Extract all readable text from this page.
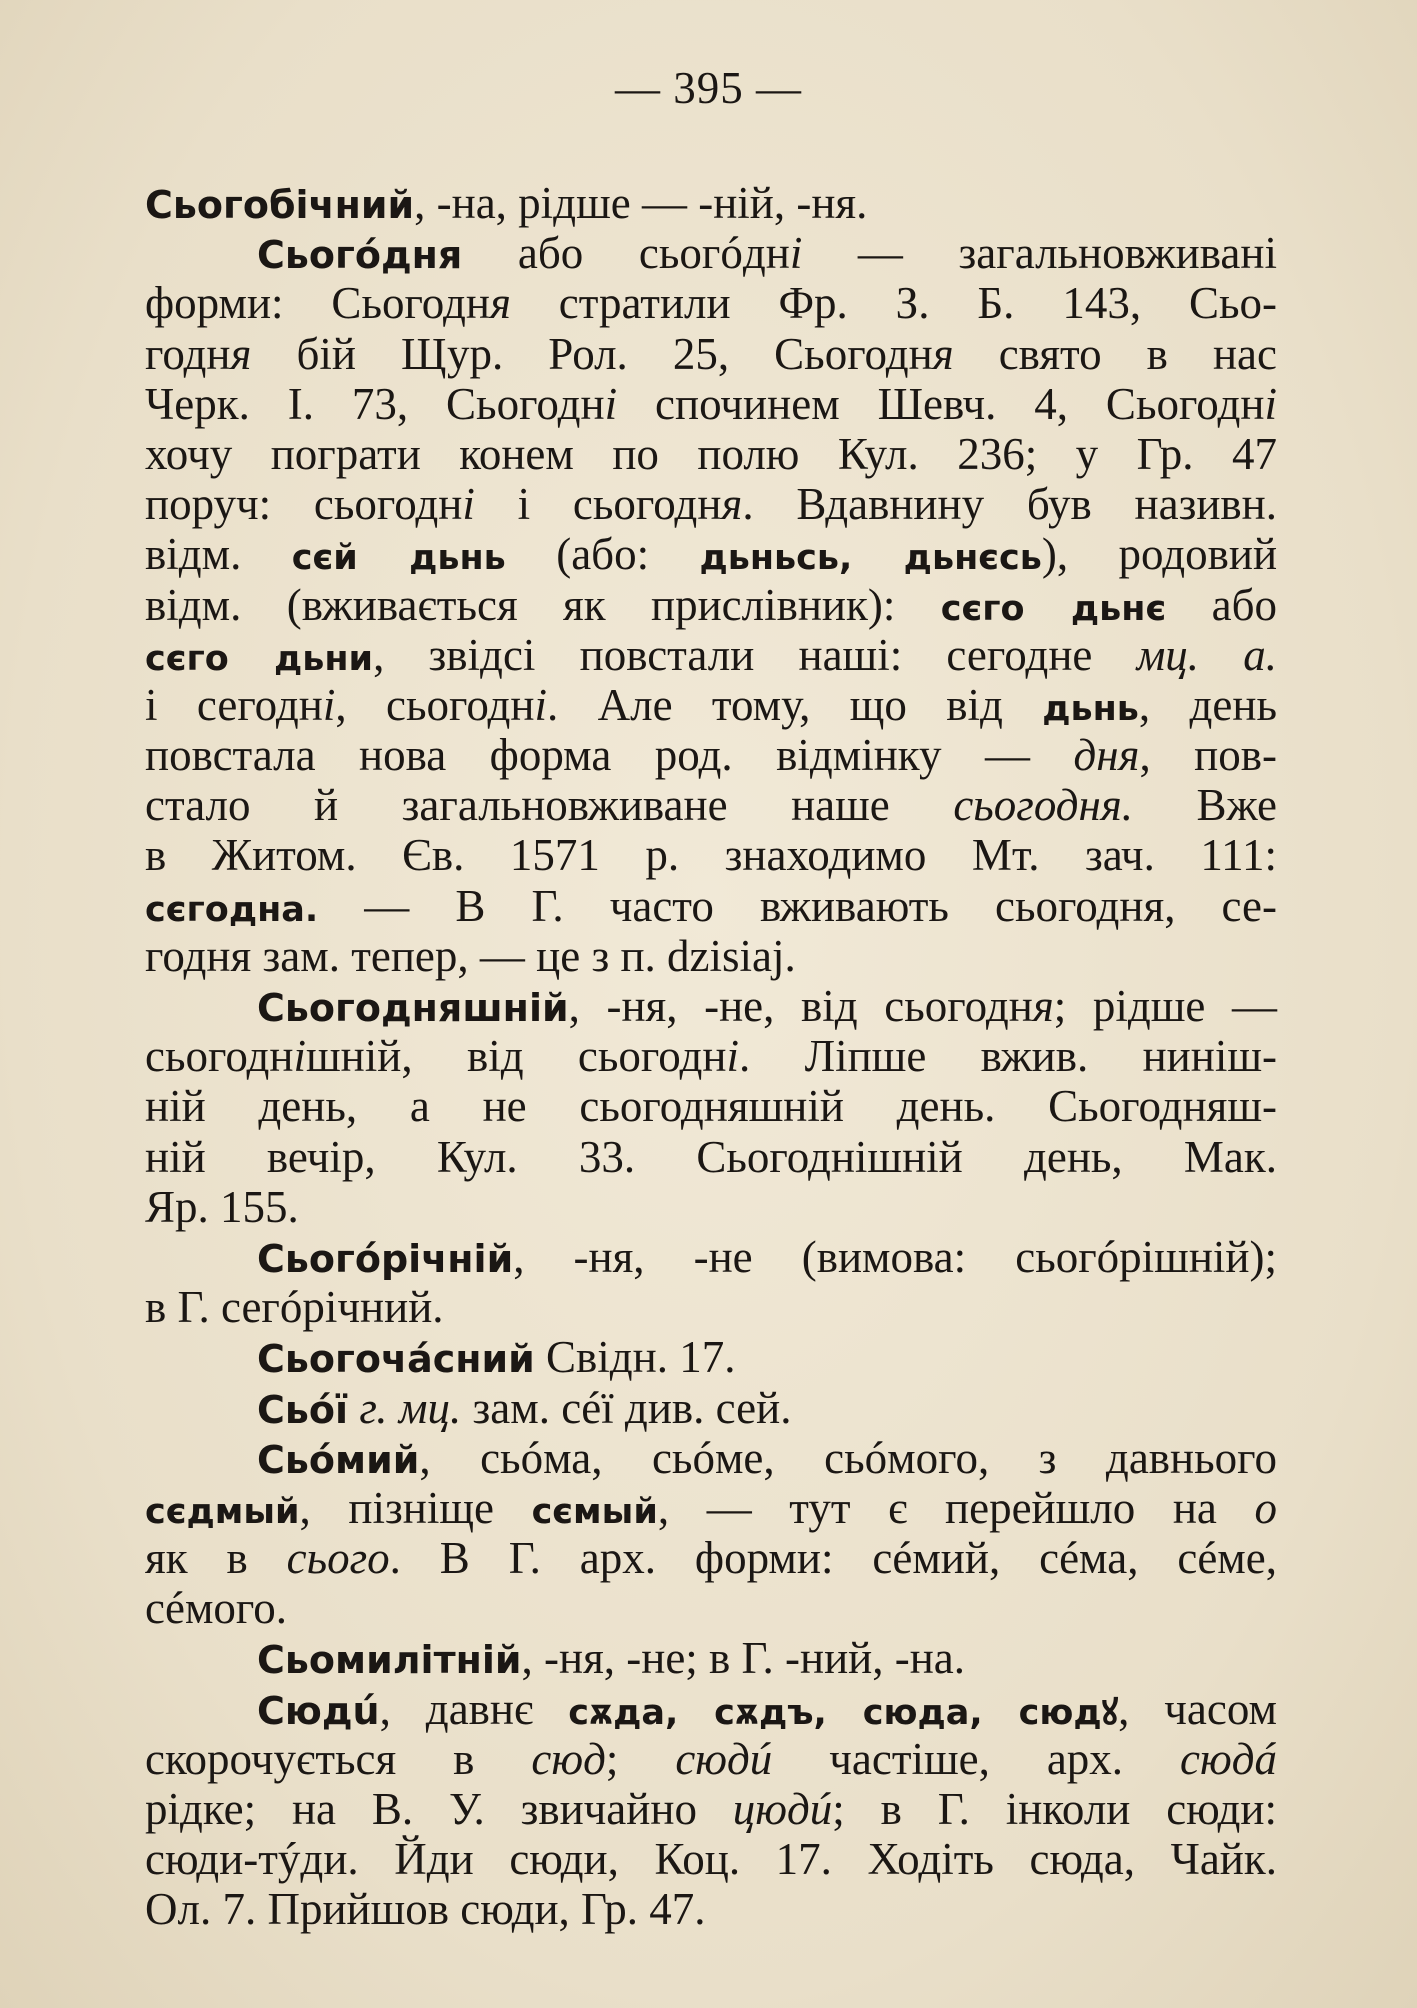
— 395 —
Сьогобічний, -на, рідше — -ній, -ня.
Сьогóдня або сьогóдні — загальновживані
форми: Сьогодня стратили Фр. З. Б. 143, Сьо-
годня бій Щур. Рол. 25, Сьогодня свято в нас
Черк. І. 73, Сьогодні спочинем Шевч. 4, Сьогодні
хочу пограти конем по полю Кул. 236; у Гр. 47
поруч: сьогодні і сьогодня. Вдавнину був називн.
відм. сєй дьнь (або: дьньсь, дьнєсь), родовий
відм. (вживається як прислівник): сєго дьнє або
сєго дьни, звідсі повстали наші: сегодне мц. а.
і сегодні, сьогодні. Але тому, що від дьнь, день
повстала нова форма род. відмінку — дня, пов-
стало й загальновживане наше сьогодня. Вже
в Житом. Єв. 1571 р. знаходимо Мт. зач. 111:
сєгодна. — В Г. часто вживають сьогодня, се-
годня зам. тепер, — це з п. dzisiaj.
Сьогодняшній, -ня, -не, від сьогодня; рідше —
сьогоднішній, від сьогодні. Ліпше вжив. нинiш-
ній день, а не сьогодняшній день. Сьогодняш-
ній вечір, Кул. 33. Сьогоднішній день, Мак.
Яр. 155.
Сьогóрічній, -ня, -не (вимова: сьогóрішній);
в Г. сегóрічний.
Сьогочáсний Свідн. 17.
Сьóї г. мц. зам. сéї див. сей.
Сьóмий, сьóма, сьóме, сьóмого, з давнього
сєдмый, пізніще сємый, — тут є перейшло на о
як в сього. В Г. арх. форми: сéмий, сéма, сéме,
сéмого.
Сьомилітній, -ня, -не; в Г. -ний, -на.
Сюдú, давнє сѫда, сѫдъ, сюда, сюдꙋ, часом
скорочується в сюд; сюдú частіше, арх. сюдá
рідке; на В. У. звичайно цюдú; в Г. інколи сюди:
сюди-тýди. Йди сюди, Коц. 17. Ходіть сюда, Чайк.
Ол. 7. Прийшов сюди, Гр. 47.
